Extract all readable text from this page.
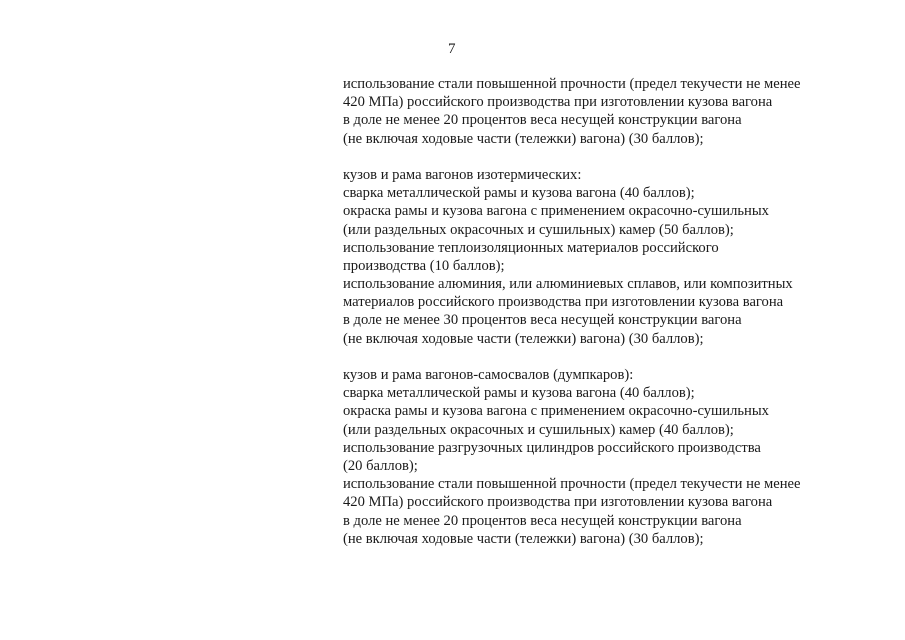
7
использование стали повышенной прочности (предел текучести не менее
420 МПа) российского производства при изготовлении кузова вагона
в доле не менее 20 процентов веса несущей конструкции вагона
(не включая ходовые части (тележки) вагона) (30 баллов);
кузов и рама вагонов изотермических:
сварка металлической рамы и кузова вагона (40 баллов);
окраска рамы и кузова вагона с применением окрасочно-сушильных
(или раздельных окрасочных и сушильных) камер (50 баллов);
использование теплоизоляционных материалов российского
производства (10 баллов);
использование алюминия, или алюминиевых сплавов, или композитных
материалов российского производства при изготовлении кузова вагона
в доле не менее 30 процентов веса несущей конструкции вагона
(не включая ходовые части (тележки) вагона) (30 баллов);
кузов и рама вагонов-самосвалов (думпкаров):
сварка металлической рамы и кузова вагона (40 баллов);
окраска рамы и кузова вагона с применением окрасочно-сушильных
(или раздельных окрасочных и сушильных) камер (40 баллов);
использование разгрузочных цилиндров российского производства
(20 баллов);
использование стали повышенной прочности (предел текучести не менее
420 МПа) российского производства при изготовлении кузова вагона
в доле не менее 20 процентов веса несущей конструкции вагона
(не включая ходовые части (тележки) вагона) (30 баллов);
